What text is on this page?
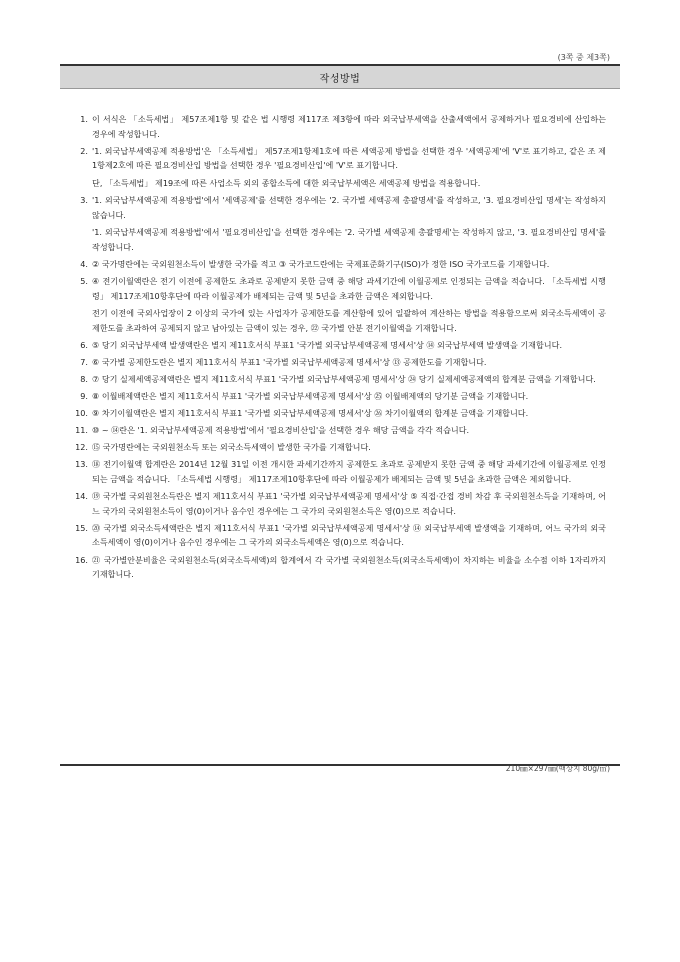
(3쪽 중 제3쪽)
작성방법
1. 이 서식은 「소득세법」 제57조제1항 및 같은 법 시행령 제117조 제3항에 따라 외국납부세액을 산출세액에서 공제하거나 필요경비에 산입하는 경우에 작성합니다.

2. '1. 외국납부세액공제 적용방법'은 「소득세법」 제57조제1항제1호에 따른 세액공제 방법을 선택한 경우 '세액공제'에 'V'로 표기하고, 같은 조 제1항제2호에 따른 필요경비산입 방법을 선택한 경우 '필요경비산입'에 'V'로 표기합니다.

단, 「소득세법」 제19조에 따른 사업소득 외의 종합소득에 대한 외국납부세액은 세액공제 방법을 적용합니다.

3. '1. 외국납부세액공제 적용방법'에서 '세액공제'를 선택한 경우에는 '2. 국가별 세액공제 총괄명세'를 작성하고, '3. 필요경비산입 명세'는 작성하지 않습니다.

'1. 외국납부세액공제 적용방법'에서 '필요경비산입'을 선택한 경우에는 '2. 국가별 세액공제 총괄명세'는 작성하지 않고, '3. 필요경비산입 명세'를 작성합니다.

4. ② 국가명란에는 국외원천소득이 발생한 국가를 적고 ③ 국가코드란에는 국제표준화기구(ISO)가 정한 ISO 국가코드를 기재합니다.

5. ④ 전기이월액란은 전기 이전에 공제한도 초과로 공제받지 못한 금액 중 해당 과세기간에 이월공제로 인정되는 금액을 적습니다. 「소득세법 시행령」 제117조제10항후단에 따라 이월공제가 배제되는 금액 및 5년을 초과한 금액은 제외합니다.

전기 이전에 국외사업장이 2 이상의 국가에 있는 사업자가 공제한도를 계산함에 있어 일괄하여 계산하는 방법을 적용함으로써 외국소득세액이 공제한도를 초과하여 공제되지 않고 남아있는 금액이 있는 경우, ㉒ 국가별 안분 전기이월액을 기재합니다.

6. ⑤ 당기 외국납부세액 발생액란은 별지 제11호서식 부표1 '국가별 외국납부세액공제 명세서'상 ⑭ 외국납부세액 발생액을 기재합니다.

7. ⑥ 국가별 공제한도란은 별지 제11호서식 부표1 '국가별 외국납부세액공제 명세서'상 ⑬ 공제한도를 기재합니다.

8. ⑦ 당기 실제세액공제액란은 별지 제11호서식 부표1 '국가별 외국납부세액공제 명세서'상 ㉔ 당기 실제세액공제액의 합계분 금액을 기재합니다.

9. ⑧ 이월배제액란은 별지 제11호서식 부표1 '국가별 외국납부세액공제 명세서'상 ㉕ 이월배제액의 당기분 금액을 기재합니다.

10. ⑨ 차기이월액란은 별지 제11호서식 부표1 '국가별 외국납부세액공제 명세서'상 ㉖ 차기이월액의 합계분 금액을 기재합니다.

11. ⑩ ~ ⑭란은 '1. 외국납부세액공제 적용방법'에서 '필요경비산입'을 선택한 경우 해당 금액을 각각 적습니다.

12. ⑮ 국가명란에는 국외원천소득 또는 외국소득세액이 발생한 국가를 기재합니다.

13. ⑱ 전기이월액 합계란은 2014년 12월 31일 이전 개시한 과세기간까지 공제한도 초과로 공제받지 못한 금액 중 해당 과세기간에 이월공제로 인정되는 금액을 적습니다. 「소득세법 시행령」 제117조제10항후단에 따라 이월공제가 배제되는 금액 및 5년을 초과한 금액은 제외합니다.

14. ⑲ 국가별 국외원천소득란은 별지 제11호서식 부표1 '국가별 외국납부세액공제 명세서'상 ⑤ 직접·간접 경비 차감 후 국외원천소득을 기재하며, 어느 국가의 국외원천소득이 영(0)이거나 음수인 경우에는 그 국가의 국외원천소득은 영(0)으로 적습니다.

15. ⑳ 국가별 외국소득세액란은 별지 제11호서식 부표1 '국가별 외국납부세액공제 명세서'상 ⑭ 외국납부세액 발생액을 기재하며, 어느 국가의 외국소득세액이 영(0)이거나 음수인 경우에는 그 국가의 외국소득세액은 영(0)으로 적습니다.

16. ㉑ 국가별안분비율은 국외원천소득(외국소득세액)의 합계에서 각 국가별 국외원천소득(외국소득세액)이 차지하는 비율을 소수점 이하 1자리까지 기재합니다.

210㎜×297㎜(백상지 80g/㎡)
